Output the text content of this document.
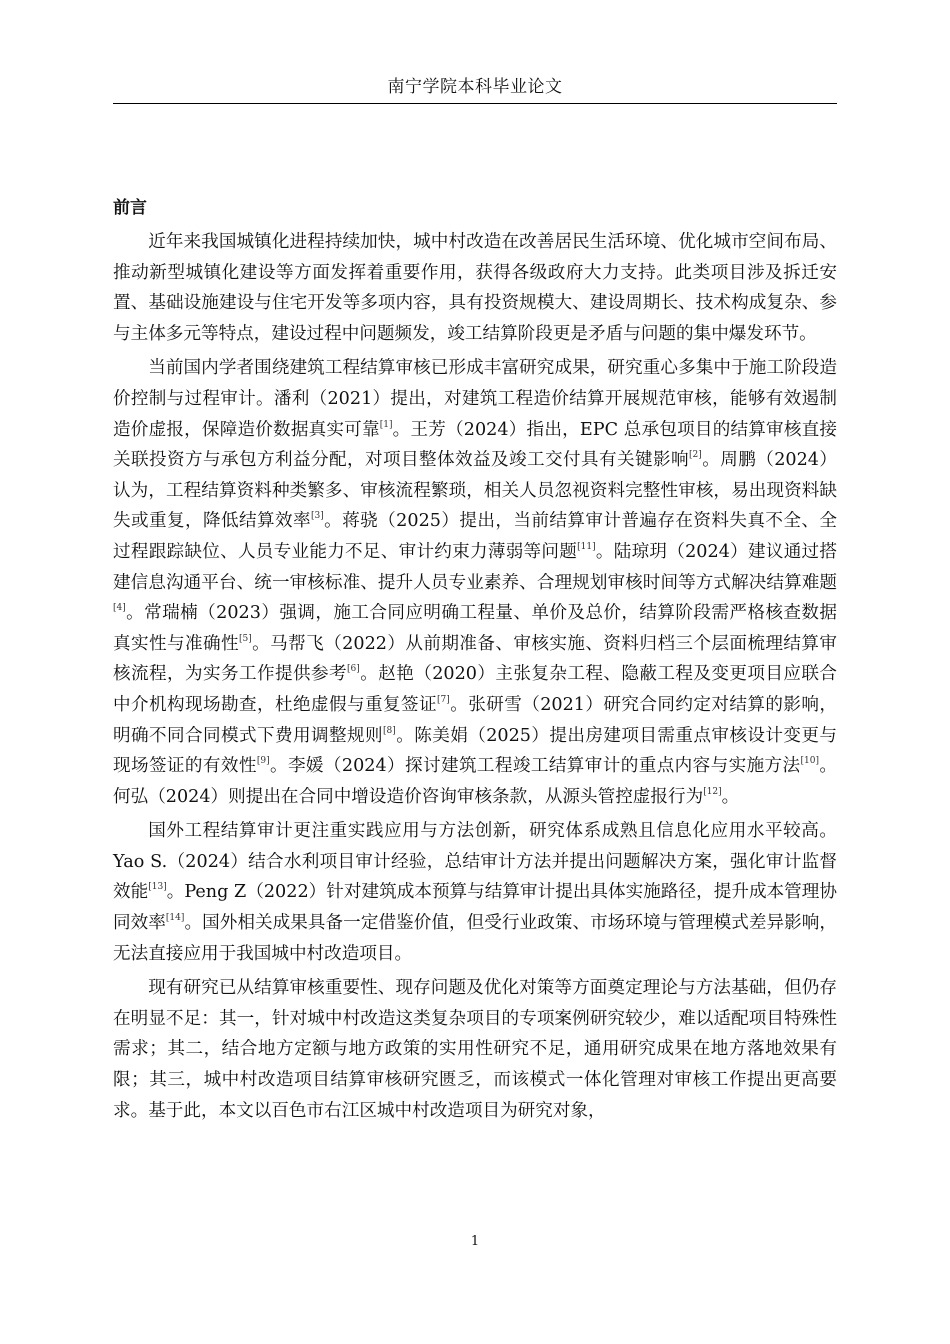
南宁学院本科毕业论文
前言
近年来我国城镇化进程持续加快，城中村改造在改善居民生活环境、优化城市空间布局、推动新型城镇化建设等方面发挥着重要作用，获得各级政府大力支持。此类项目涉及拆迁安置、基础设施建设与住宅开发等多项内容，具有投资规模大、建设周期长、技术构成复杂、参与主体多元等特点，建设过程中问题频发，竣工结算阶段更是矛盾与问题的集中爆发环节。
当前国内学者围绕建筑工程结算审核已形成丰富研究成果，研究重心多集中于施工阶段造价控制与过程审计。潘利（2021）提出，对建筑工程造价结算开展规范审核，能够有效遏制造价虚报，保障造价数据真实可靠[1]。王芳（2024）指出，EPC 总承包项目的结算审核直接关联投资方与承包方利益分配，对项目整体效益及竣工交付具有关键影响[2]。周鹏（2024）认为，工程结算资料种类繁多、审核流程繁琐，相关人员忽视资料完整性审核，易出现资料缺失或重复，降低结算效率[3]。蒋骁（2025）提出，当前结算审计普遍存在资料失真不全、全过程跟踪缺位、人员专业能力不足、审计约束力薄弱等问题[11]。陆琼玥（2024）建议通过搭建信息沟通平台、统一审核标准、提升人员专业素养、合理规划审核时间等方式解决结算难题[4]。常瑞楠（2023）强调，施工合同应明确工程量、单价及总价，结算阶段需严格核查数据真实性与准确性[5]。马帮飞（2022）从前期准备、审核实施、资料归档三个层面梳理结算审核流程，为实务工作提供参考[6]。赵艳（2020）主张复杂工程、隐蔽工程及变更项目应联合中介机构现场勘查，杜绝虚假与重复签证[7]。张研雪（2021）研究合同约定对结算的影响，明确不同合同模式下费用调整规则[8]。陈美娟（2025）提出房建项目需重点审核设计变更与现场签证的有效性[9]。李媛（2024）探讨建筑工程竣工结算审计的重点内容与实施方法[10]。何弘（2024）则提出在合同中增设造价咨询审核条款，从源头管控虚报行为[12]。
国外工程结算审计更注重实践应用与方法创新，研究体系成熟且信息化应用水平较高。Yao S.（2024）结合水利项目审计经验，总结审计方法并提出问题解决方案，强化审计监督效能[13]。Peng Z（2022）针对建筑成本预算与结算审计提出具体实施路径，提升成本管理协同效率[14]。国外相关成果具备一定借鉴价值，但受行业政策、市场环境与管理模式差异影响，无法直接应用于我国城中村改造项目。
现有研究已从结算审核重要性、现存问题及优化对策等方面奠定理论与方法基础，但仍存在明显不足：其一，针对城中村改造这类复杂项目的专项案例研究较少，难以适配项目特殊性需求；其二，结合地方定额与地方政策的实用性研究不足，通用研究成果在地方落地效果有限；其三，城中村改造项目结算审核研究匮乏，而该模式一体化管理对审核工作提出更高要求。基于此，本文以百色市右江区城中村改造项目为研究对象，
1
